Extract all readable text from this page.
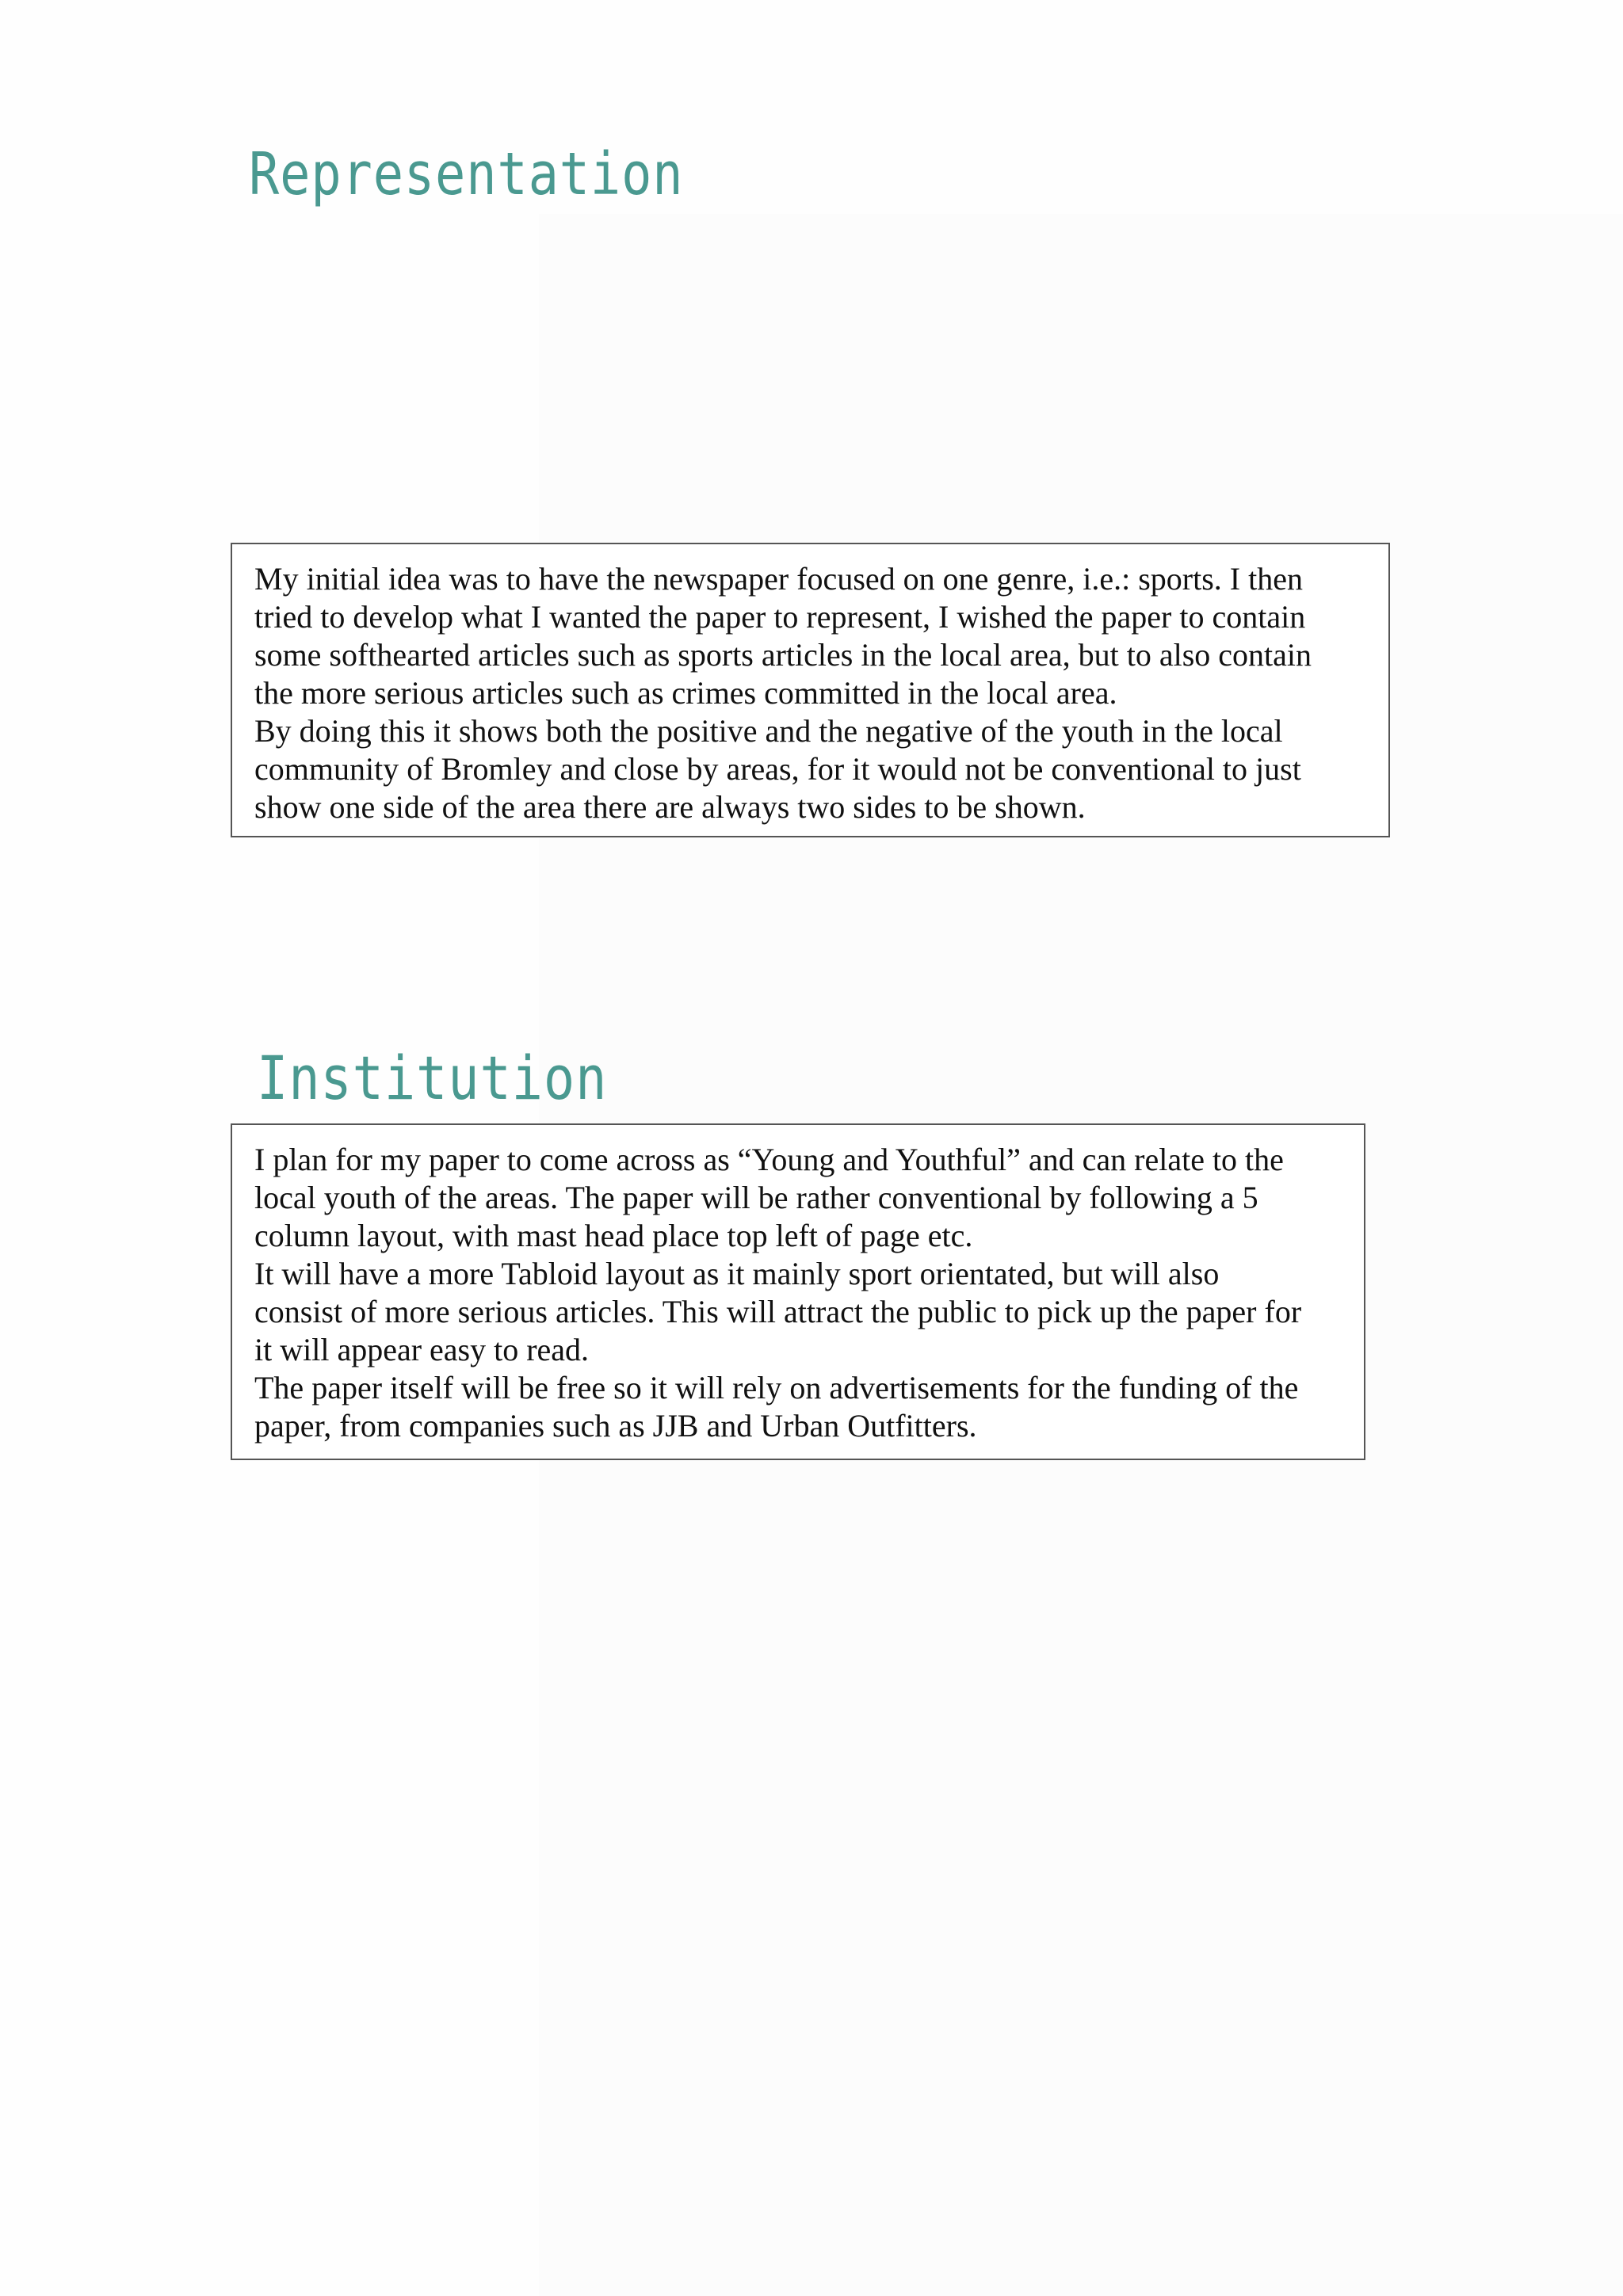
Representation

My initial idea was to have the newspaper focused on one genre, i.e.: sports. I then

tried to develop what I wanted the paper to represent, I wished the paper to contain

some softhearted articles such as sports articles in the local area, but to also contain

the more serious articles such as crimes committed in the local area.

By doing this it shows both the positive and the negative of the youth in the local

community of Bromley and close by areas, for it would not be conventional to just

show one side of the area there are always two sides to be shown.

Institution

I plan for my paper to come across as “Young and Youthful” and can relate to the

local youth of the areas. The paper will be rather conventional by following a 5

column layout, with mast head place top left of page etc.

It will have a more Tabloid layout as it mainly sport orientated, but will also

consist of more serious articles. This will attract the public to pick up the paper for

it will appear easy to read.

The paper itself will be free so it will rely on advertisements for the funding of the

paper, from companies such as JJB and Urban Outfitters.
